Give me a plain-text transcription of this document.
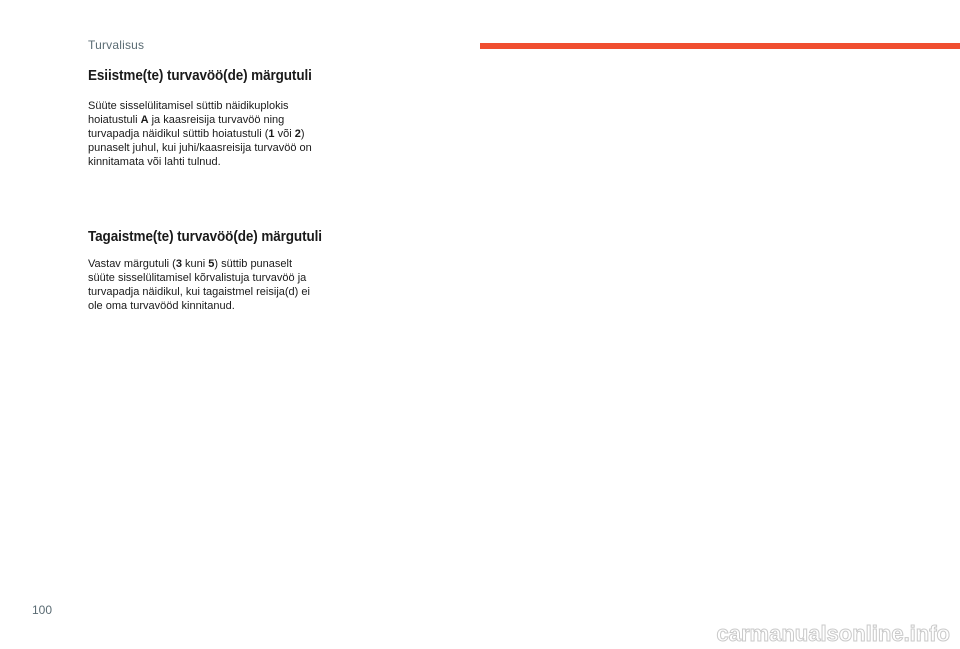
Turvalisus
Esiistme(te) turvavöö(de) märgutuli

Süüte sisselülitamisel süttib näidikuplokis
hoiatustuli A ja kaasreisija turvavöö ning
turvapadja näidikul süttib hoiatustuli (1 või 2)
punaselt juhul, kui juhi/kaasreisija turvavöö on
kinnitamata või lahti tulnud.

Tagaistme(te) turvavöö(de) märgutuli

Vastav märgutuli (3 kuni 5) süttib punaselt
süüte sisselülitamisel kõrvalistuja turvavöö ja
turvapadja näidikul, kui tagaistmel reisija(d) ei
ole oma turvavööd kinnitanud.

100
carmanualsonline.info
